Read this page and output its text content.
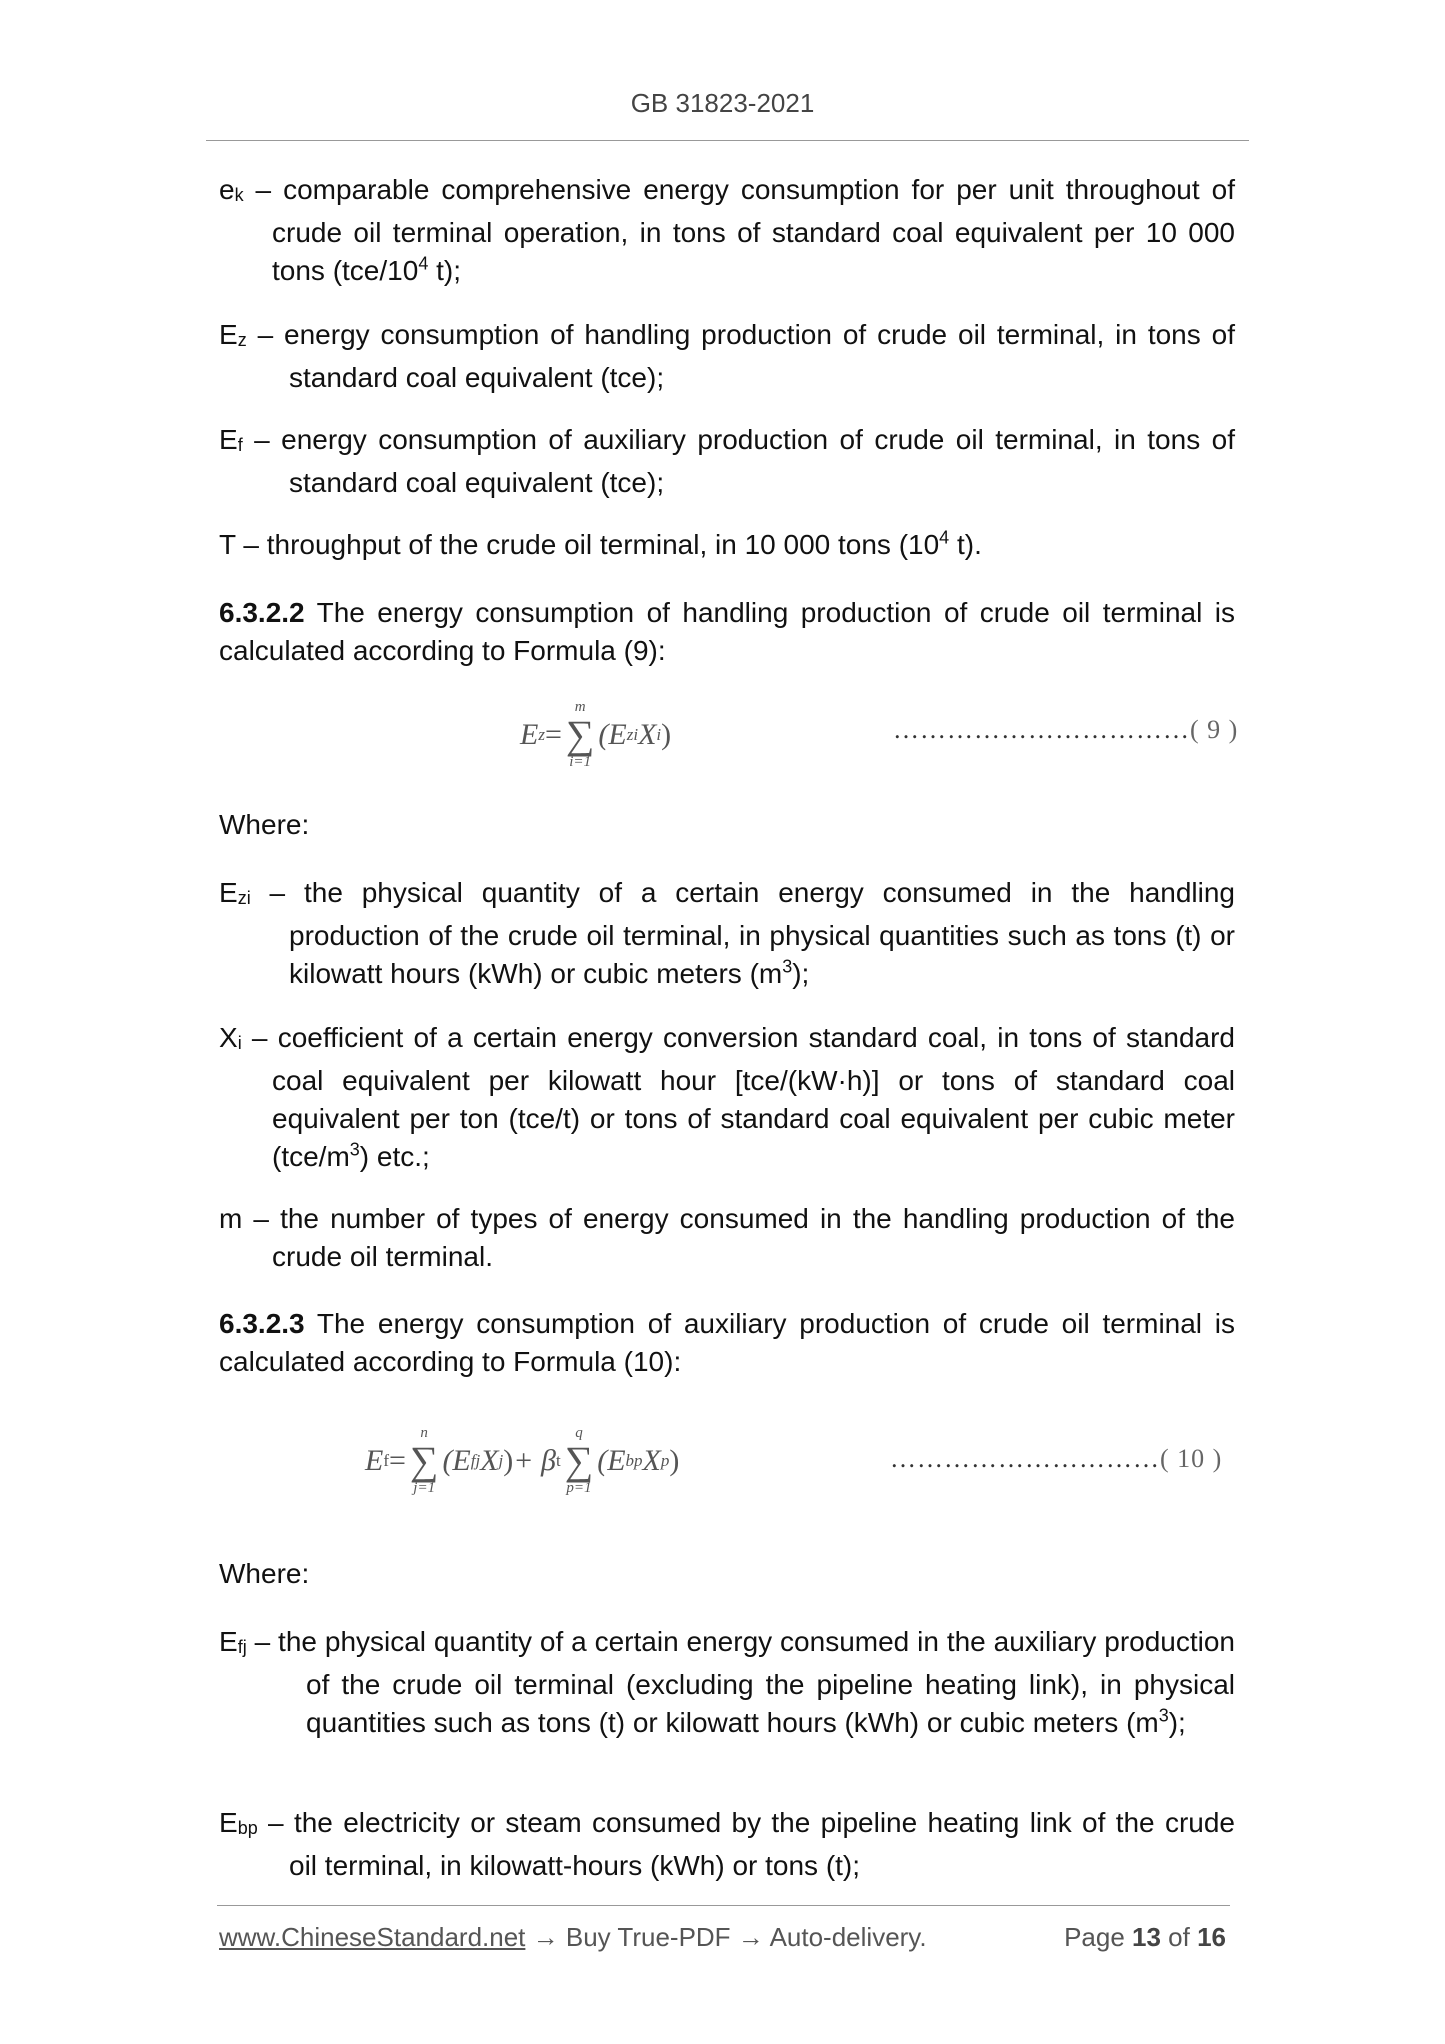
GB 31823-2021
ek – comparable comprehensive energy consumption for per unit throughout of crude oil terminal operation, in tons of standard coal equivalent per 10 000 tons ($tce/10^4$ t);
Ez – energy consumption of handling production of crude oil terminal, in tons of standard coal equivalent (tce);
Ef – energy consumption of auxiliary production of crude oil terminal, in tons of standard coal equivalent (tce);
T – throughput of the crude oil terminal, in 10 000 tons ($10^4$ t).
6.3.2.2 The energy consumption of handling production of crude oil terminal is calculated according to Formula (9):
E z =
m
∑
i=1
(E zi X i )	……………………………( 9 )
Where:
Ezi – the physical quantity of a certain energy consumed in the handling production of the crude oil terminal, in physical quantities such as tons (t) or kilowatt hours (kWh) or cubic meters $(m^3)$;
Xi – coefficient of a certain energy conversion standard coal, in tons of standard coal equivalent per kilowatt hour [tce/(kW·h)] or tons of standard coal equivalent per ton (tce/t) or tons of standard coal equivalent per cubic meter $(tce/m^3)$ etc.;
m – the number of types of energy consumed in the handling production of the crude oil terminal.
6.3.2.3 The energy consumption of auxiliary production of crude oil terminal is calculated according to Formula (10):
E f =
n
∑
j=1
(E fj X j ) + β t
q
∑
p=1
(E bp X p )	…………………………( 10 )
Where:
Efj – the physical quantity of a certain energy consumed in the auxiliary production of the crude oil terminal (excluding the pipeline heating link), in physical quantities such as tons (t) or kilowatt hours (kWh) or cubic meters $(m^3)$;
Ebp – the electricity or steam consumed by the pipeline heating link of the crude oil terminal, in kilowatt-hours (kWh) or tons (t);
www.ChineseStandard.net → Buy True-PDF → Auto-delivery.	Page 13 of 16
